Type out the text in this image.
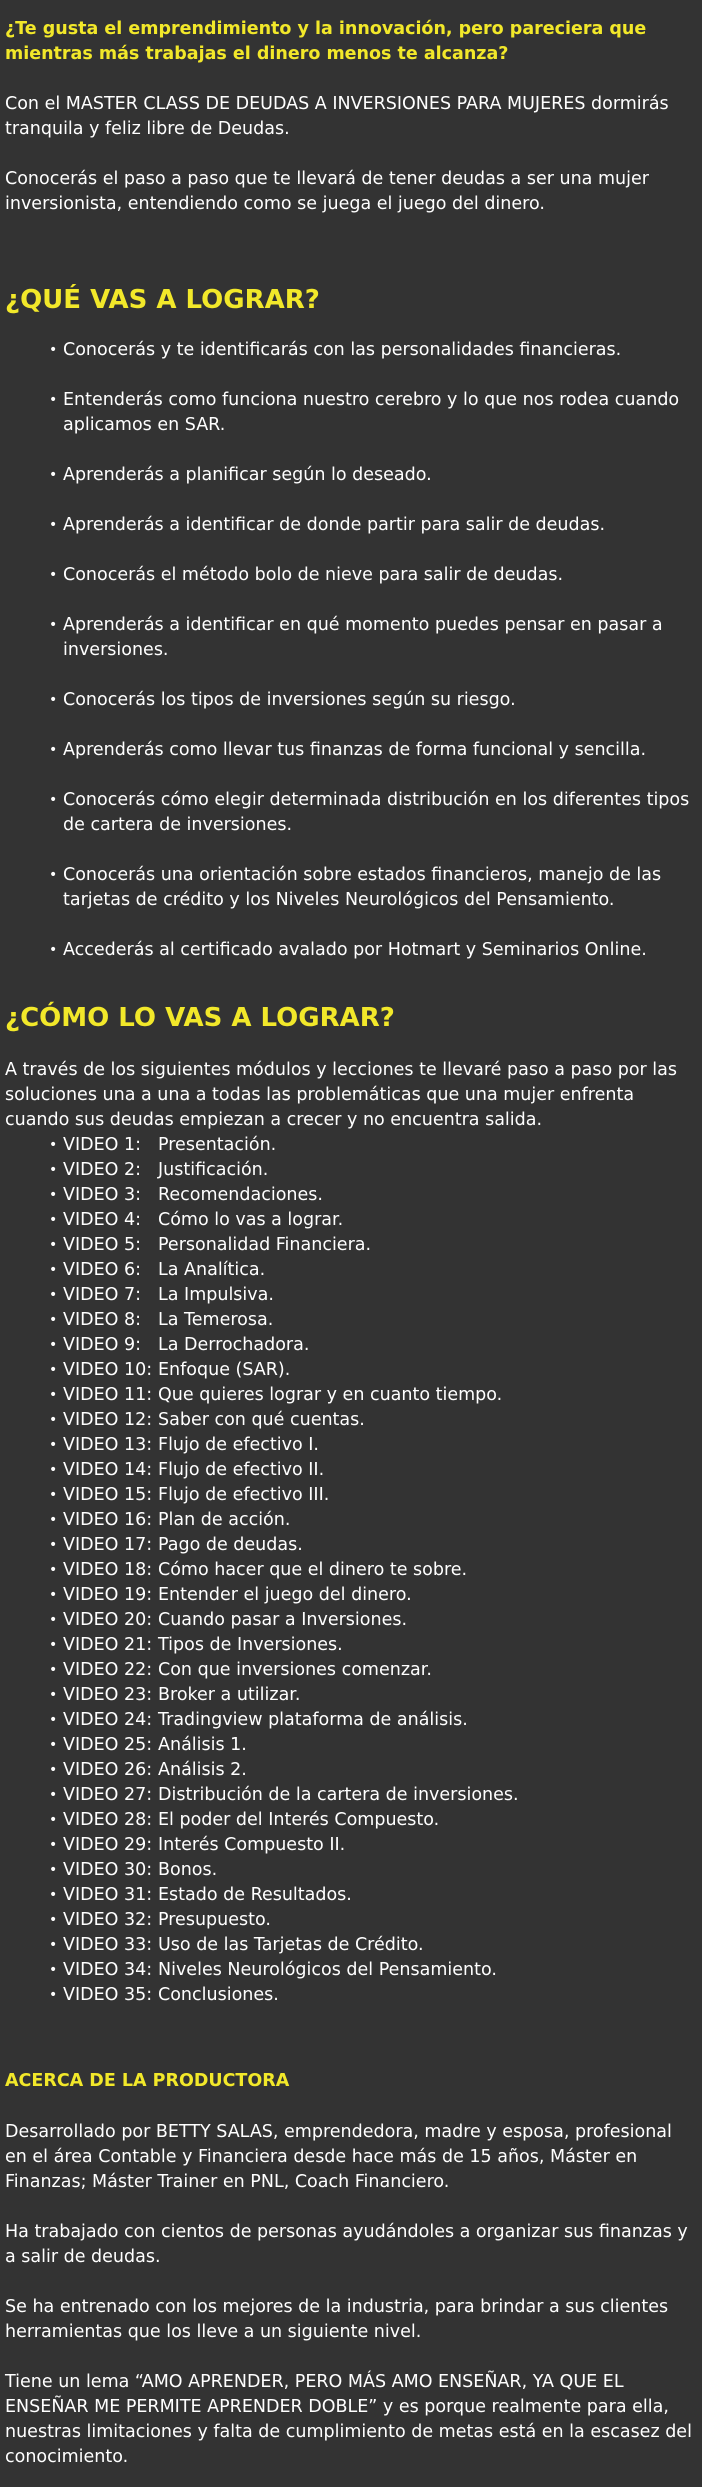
¿Te gusta el emprendimiento y la innovación, pero pareciera que mientras más trabajas el dinero menos te alcanza?

Con el MASTER CLASS DE DEUDAS A INVERSIONES PARA MUJERES dormirás tranquila y feliz libre de Deudas.

Conocerás el paso a paso que te llevará de tener deudas a ser una mujer inversionista, entendiendo como se juega el juego del dinero.

¿QUÉ VAS A LOGRAR?
• Conocerás y te identificarás con las personalidades financieras.
• Entenderás como funciona nuestro cerebro y lo que nos rodea cuando aplicamos en SAR.
• Aprenderás a planificar según lo deseado.
• Aprenderás a identificar de donde partir para salir de deudas.
• Conocerás el método bolo de nieve para salir de deudas.
• Aprenderás a identificar en qué momento puedes pensar en pasar a inversiones.
• Conocerás los tipos de inversiones según su riesgo.
• Aprenderás como llevar tus finanzas de forma funcional y sencilla.
• Conocerás cómo elegir determinada distribución en los diferentes tipos de cartera de inversiones.
• Conocerás una orientación sobre estados financieros, manejo de las tarjetas de crédito y los Niveles Neurológicos del Pensamiento.
• Accederás al certificado avalado por Hotmart y Seminarios Online.
¿CÓMO LO VAS A LOGRAR?

A través de los siguientes módulos y lecciones te llevaré paso a paso por las soluciones una a una a todas las problemáticas que una mujer enfrenta cuando sus deudas empiezan a crecer y no encuentra salida.

• VIDEO 1: Presentación.
• VIDEO 2: Justificación.
• VIDEO 3: Recomendaciones.
• VIDEO 4: Cómo lo vas a lograr.
• VIDEO 5: Personalidad Financiera.
• VIDEO 6: La Analítica.
• VIDEO 7: La Impulsiva.
• VIDEO 8: La Temerosa.
• VIDEO 9: La Derrochadora.
• VIDEO 10: Enfoque (SAR).
• VIDEO 11: Que quieres lograr y en cuanto tiempo.
• VIDEO 12: Saber con qué cuentas.
• VIDEO 13: Flujo de efectivo I.
• VIDEO 14: Flujo de efectivo II.
• VIDEO 15: Flujo de efectivo III.
• VIDEO 16: Plan de acción.
• VIDEO 17: Pago de deudas.
• VIDEO 18: Cómo hacer que el dinero te sobre.
• VIDEO 19: Entender el juego del dinero.
• VIDEO 20: Cuando pasar a Inversiones.
• VIDEO 21: Tipos de Inversiones.
• VIDEO 22: Con que inversiones comenzar.
• VIDEO 23: Broker a utilizar.
• VIDEO 24: Tradingview plataforma de análisis.
• VIDEO 25: Análisis 1.
• VIDEO 26: Análisis 2.
• VIDEO 27: Distribución de la cartera de inversiones.
• VIDEO 28: El poder del Interés Compuesto.
• VIDEO 29: Interés Compuesto II.
• VIDEO 30: Bonos.
• VIDEO 31: Estado de Resultados.
• VIDEO 32: Presupuesto.
• VIDEO 33: Uso de las Tarjetas de Crédito.
• VIDEO 34: Niveles Neurológicos del Pensamiento.
• VIDEO 35: Conclusiones.
ACERCA DE LA PRODUCTORA

Desarrollado por BETTY SALAS, emprendedora, madre y esposa, profesional en el área Contable y Financiera desde hace más de 15 años, Máster en Finanzas; Máster Trainer en PNL, Coach Financiero.

Ha trabajado con cientos de personas ayudándoles a organizar sus finanzas y a salir de deudas.

Se ha entrenado con los mejores de la industria, para brindar a sus clientes herramientas que los lleve a un siguiente nivel.

Tiene un lema “AMO APRENDER, PERO MÁS AMO ENSEÑAR, YA QUE EL ENSEÑAR ME PERMITE APRENDER DOBLE” y es porque realmente para ella, nuestras limitaciones y falta de cumplimiento de metas está en la escasez del conocimiento.
